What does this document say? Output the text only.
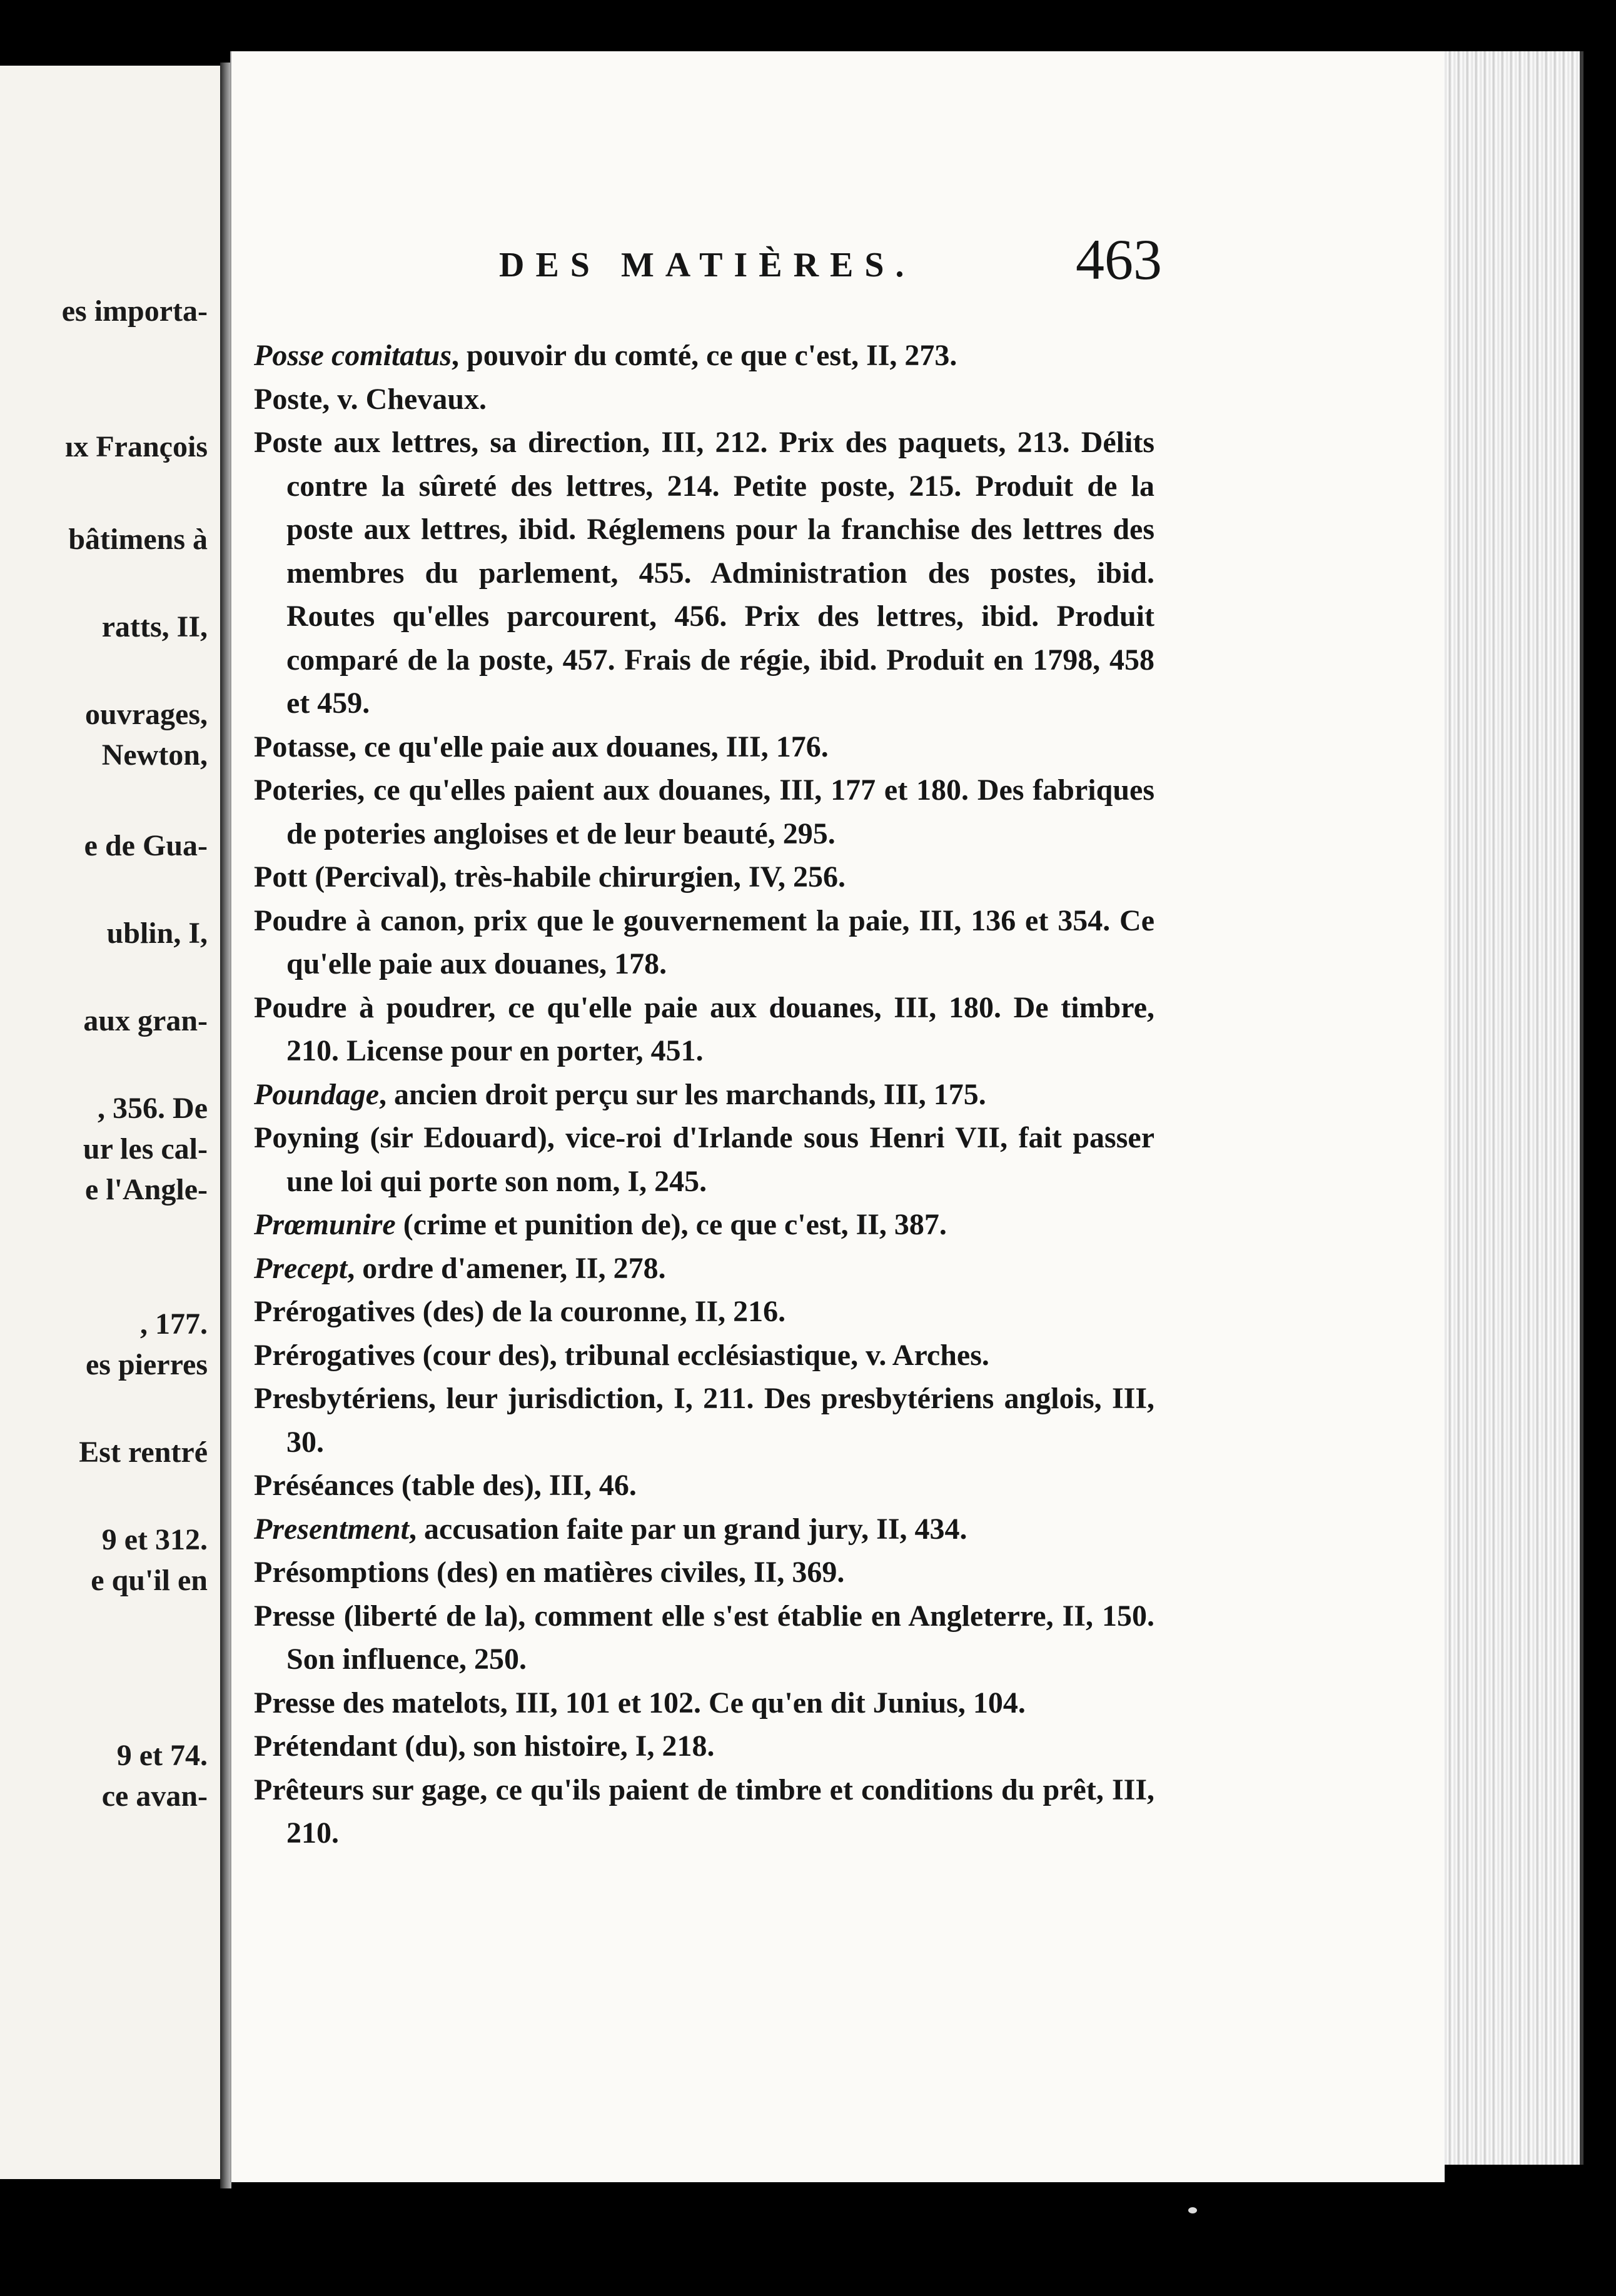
es importa-
ıx François
bâtimens à
ratts, II,
ouvrages,
Newton,
e de Gua-
ublin, I,
aux gran-
, 356. De
ur les cal-
e l'Angle-
, 177.
es pierres
Est rentré
9 et 312.
e qu'il en
9 et 74.
ce avan-
DES MATIÈRES.	463

Posse comitatus, pouvoir du comté, ce que c'est, II, 273.

Poste, v. Chevaux.

Poste aux lettres, sa direction, III, 212. Prix des paquets, 213. Délits contre la sûreté des lettres, 214. Petite poste, 215. Produit de la poste aux lettres, ibid. Réglemens pour la franchise des lettres des membres du parlement, 455. Administration des postes, ibid. Routes qu'elles parcourent, 456. Prix des lettres, ibid. Produit comparé de la poste, 457. Frais de régie, ibid. Produit en 1798, 458 et 459.

Potasse, ce qu'elle paie aux douanes, III, 176.

Poteries, ce qu'elles paient aux douanes, III, 177 et 180. Des fabriques de poteries angloises et de leur beauté, 295.

Pott (Percival), très-habile chirurgien, IV, 256.

Poudre à canon, prix que le gouvernement la paie, III, 136 et 354. Ce qu'elle paie aux douanes, 178.

Poudre à poudrer, ce qu'elle paie aux douanes, III, 180. De timbre, 210. License pour en porter, 451.

Poundage, ancien droit perçu sur les marchands, III, 175.

Poyning (sir Edouard), vice-roi d'Irlande sous Henri VII, fait passer une loi qui porte son nom, I, 245.

Prœmunire (crime et punition de), ce que c'est, II, 387.

Precept, ordre d'amener, II, 278.

Prérogatives (des) de la couronne, II, 216.

Prérogatives (cour des), tribunal ecclésiastique, v. Arches.

Presbytériens, leur jurisdiction, I, 211. Des presbytériens anglois, III, 30.

Préséances (table des), III, 46.

Presentment, accusation faite par un grand jury, II, 434.

Présomptions (des) en matières civiles, II, 369.

Presse (liberté de la), comment elle s'est établie en Angleterre, II, 150. Son influence, 250.

Presse des matelots, III, 101 et 102. Ce qu'en dit Junius, 104.

Prétendant (du), son histoire, I, 218.

Prêteurs sur gage, ce qu'ils paient de timbre et conditions du prêt, III, 210.
